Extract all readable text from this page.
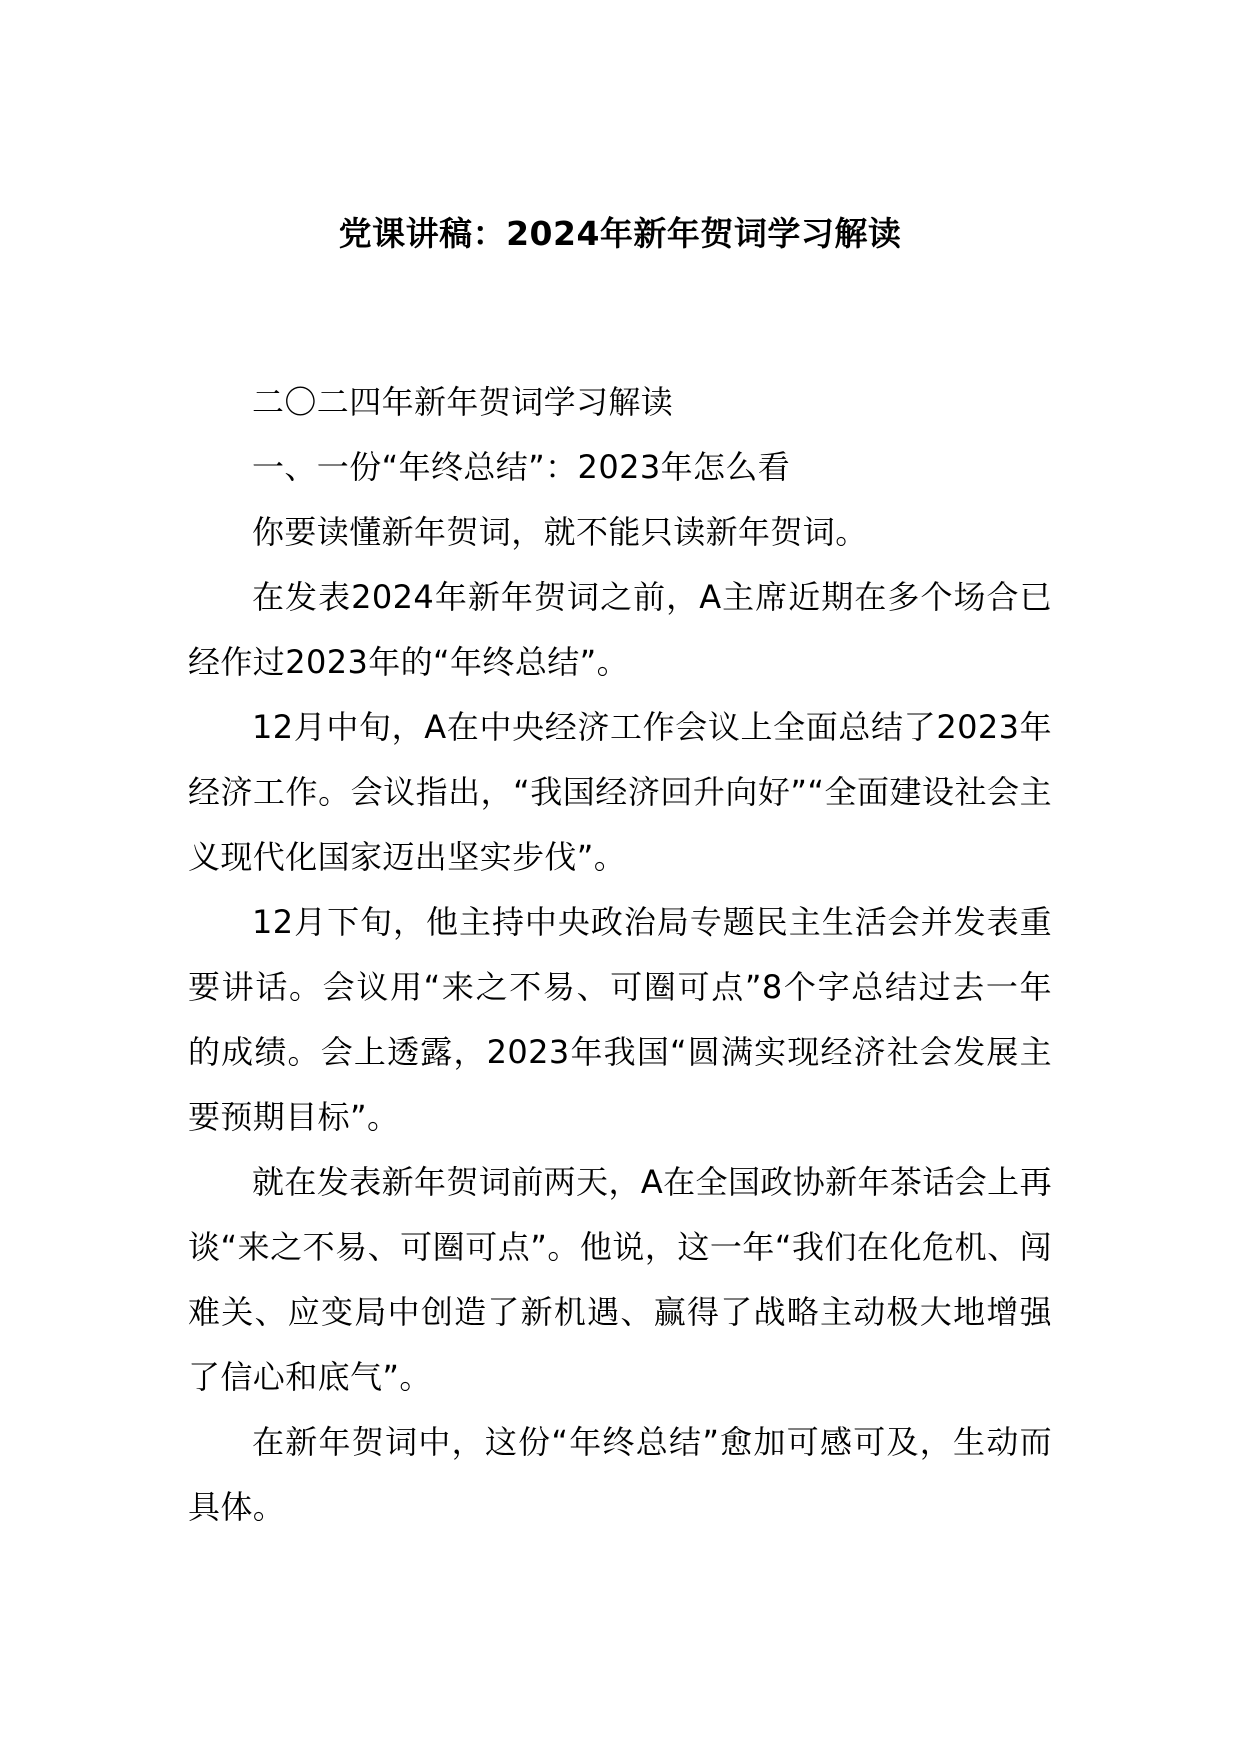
党课讲稿：2024年新年贺词学习解读

二〇二四年新年贺词学习解读

一、一份“年终总结”：2023年怎么看

你要读懂新年贺词，就不能只读新年贺词。

在发表2024年新年贺词之前，A主席近期在多个场合已经作过2023年的“年终总结”。

12月中旬，A在中央经济工作会议上全面总结了2023年经济工作。会议指出，“我国经济回升向好”“全面建设社会主义现代化国家迈出坚实步伐”。

12月下旬，他主持中央政治局专题民主生活会并发表重要讲话。会议用“来之不易、可圈可点”8个字总结过去一年的成绩。会上透露，2023年我国“圆满实现经济社会发展主要预期目标”。

就在发表新年贺词前两天，A在全国政协新年茶话会上再谈“来之不易、可圈可点”。他说，这一年“我们在化危机、闯难关、应变局中创造了新机遇、赢得了战略主动极大地增强了信心和底气”。

在新年贺词中，这份“年终总结”愈加可感可及，生动而具体。
